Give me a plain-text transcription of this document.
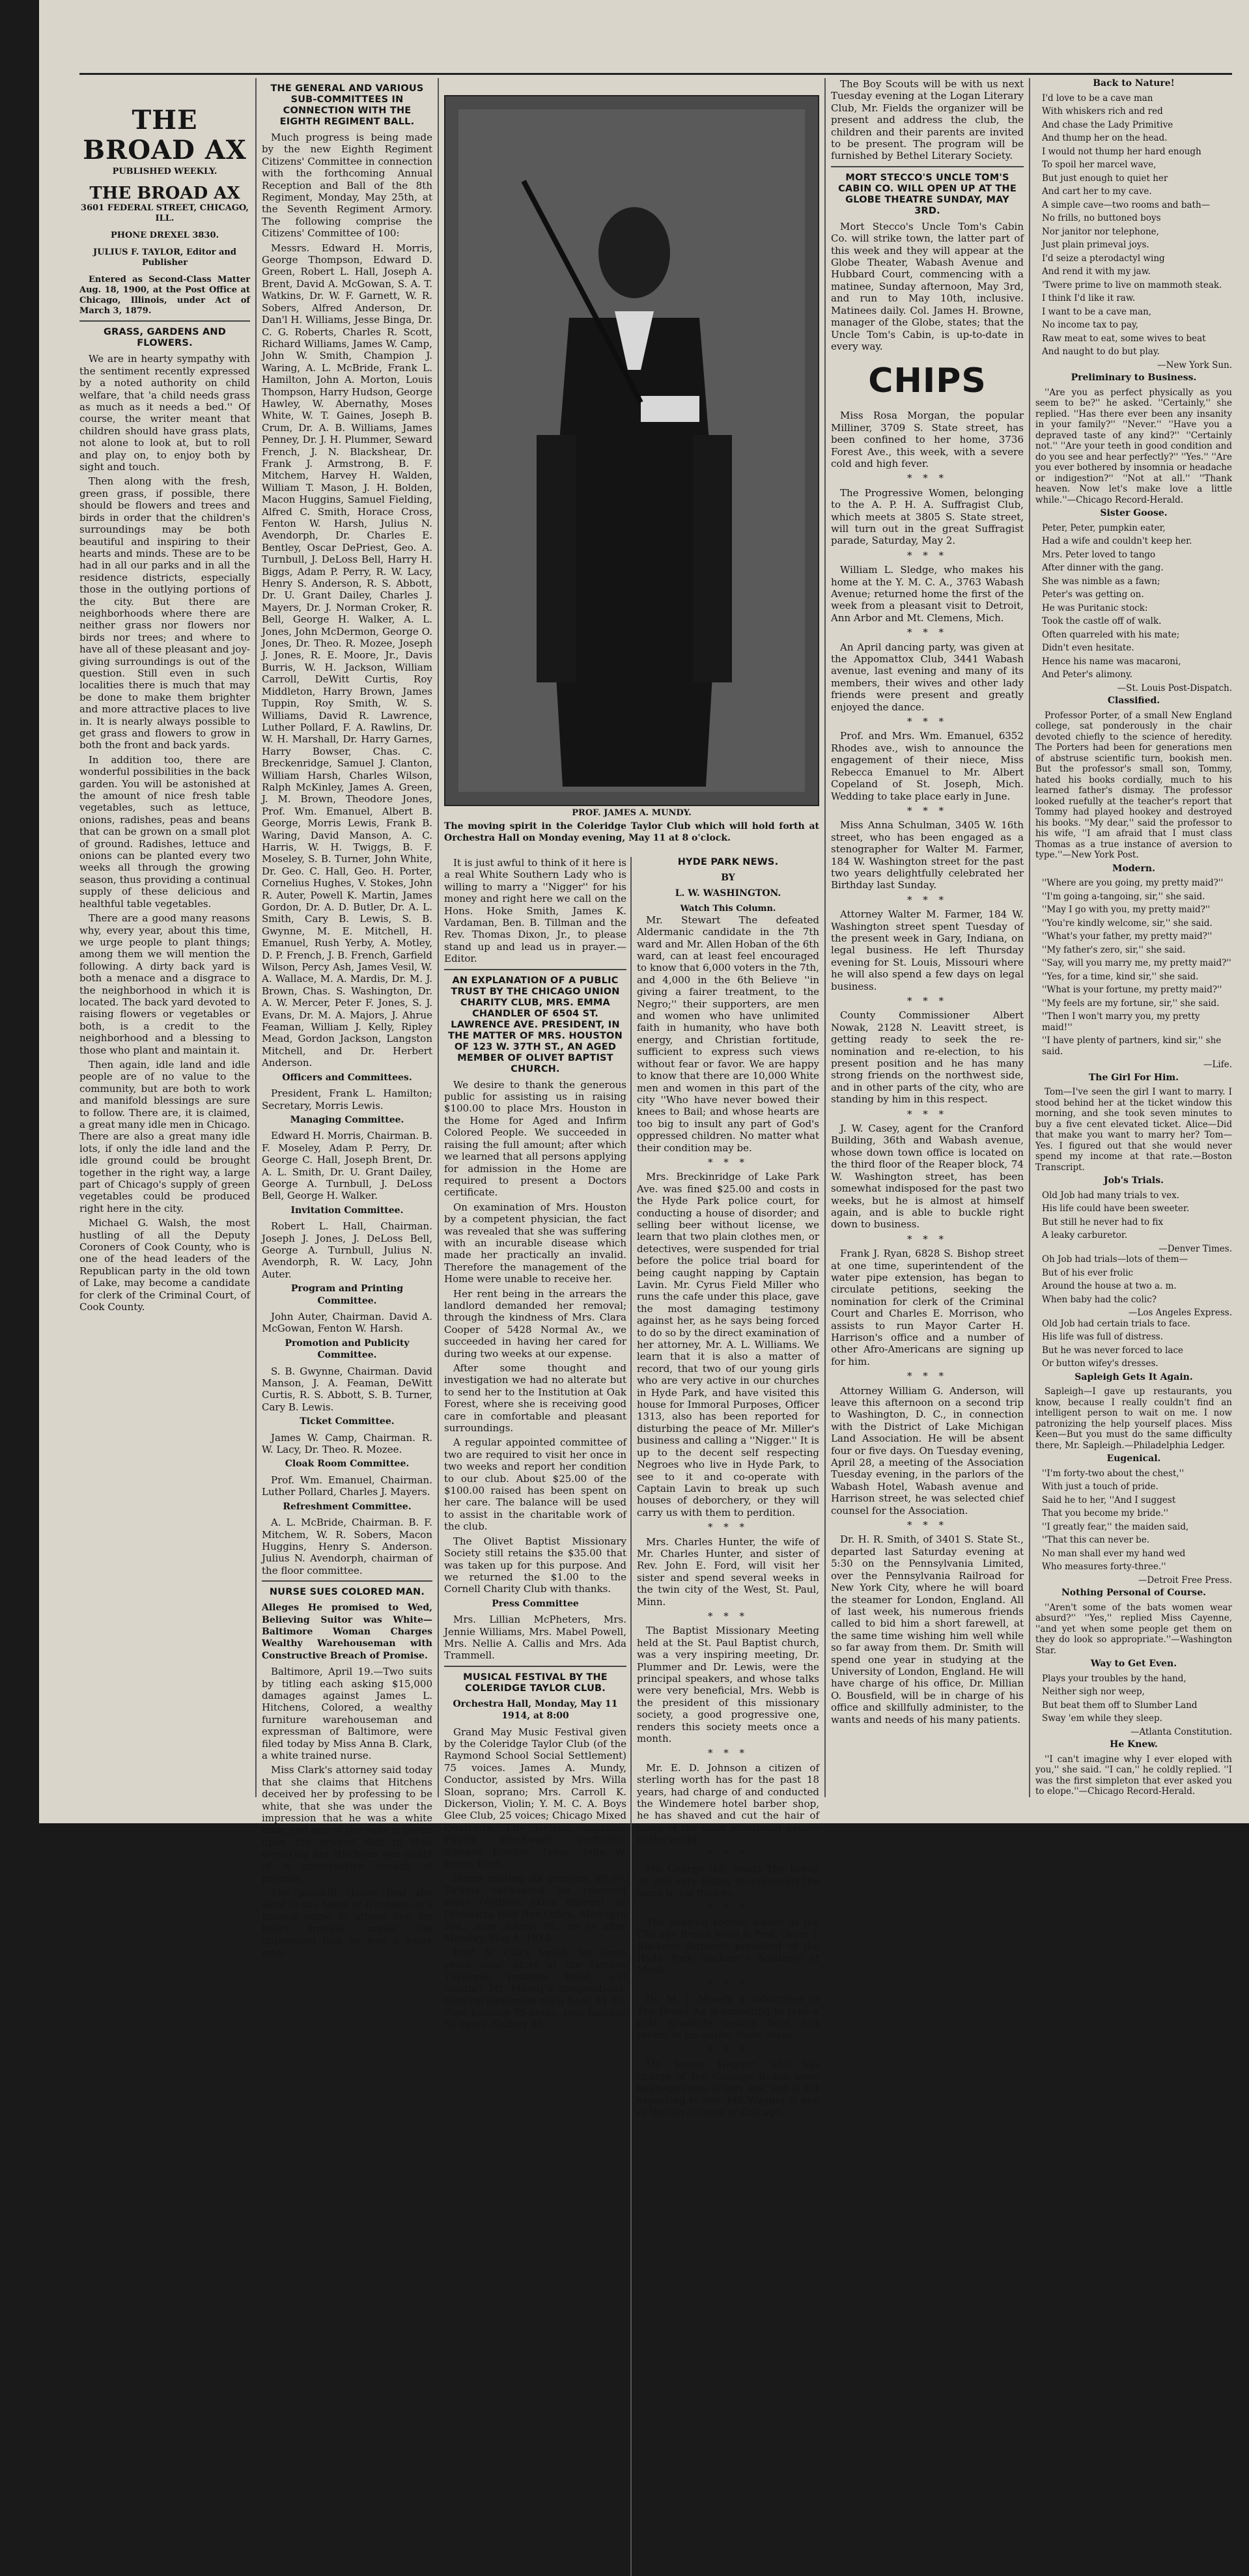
THE BROAD AX
PUBLISHED WEEKLY.
THE BROAD AX
3601 FEDERAL STREET, CHICAGO, ILL.
PHONE DREXEL 3830.
JULIUS F. TAYLOR, Editor and Publisher

Entered as Second-Class Matter Aug. 18, 1900, at the Post Office at Chicago, Illinois, under Act of March 3, 1879.

GRASS, GARDENS AND FLOWERS.

We are in hearty sympathy with the sentiment recently expressed by a noted authority on child welfare, that 'a child needs grass as much as it needs a bed.'' Of course, the writer meant that children should have grass plats, not alone to look at, but to roll and play on, to enjoy both by sight and touch.

Then along with the fresh, green grass, if possible, there should be flowers and trees and birds in order that the children's surroundings may be both beautiful and inspiring to their hearts and minds. These are to be had in all our parks and in all the residence districts, especially those in the outlying portions of the city. But there are neighborhoods where there are neither grass nor flowers nor birds nor trees; and where to have all of these pleasant and joy-giving surroundings is out of the question. Still even in such localities there is much that may be done to make them brighter and more attractive places to live in. It is nearly always possible to get grass and flowers to grow in both the front and back yards.

In addition too, there are wonderful possibilities in the back garden. You will be astonished at the amount of nice fresh table vegetables, such as lettuce, onions, radishes, peas and beans that can be grown on a small plot of ground. Radishes, lettuce and onions can be planted every two weeks all through the growing season, thus providing a continual supply of these delicious and healthful table vegetables.

There are a good many reasons why, every year, about this time, we urge people to plant things; among them we will mention the following. A dirty back yard is both a menace and a disgrace to the neighborhood in which it is located. The back yard devoted to raising flowers or vegetables or both, is a credit to the neighborhood and a blessing to those who plant and maintain it.

Then again, idle land and idle people are of no value to the community, but are both to work and manifold blessings are sure to follow. There are, it is claimed, a great many idle men in Chicago. There are also a great many idle lots, if only the idle land and the idle ground could be brought together in the right way, a large part of Chicago's supply of green vegetables could be produced right here in the city.

Michael G. Walsh, the most hustling of all the Deputy Coroners of Cook County, who is one of the head leaders of the Republican party in the old town of Lake, may become a candidate for clerk of the Criminal Court, of Cook County.

THE GENERAL AND VARIOUS SUB-COMMITTEES IN CONNECTION WITH THE EIGHTH REGIMENT BALL.

Much progress is being made by the new Eighth Regiment Citizens' Committee in connection with the forthcoming Annual Reception and Ball of the 8th Regiment, Monday, May 25th, at the Seventh Regiment Armory. The following comprise the Citizens' Committee of 100:

Messrs. Edward H. Morris, George Thompson, Edward D. Green, Robert L. Hall, Joseph A. Brent, David A. McGowan, S. A. T. Watkins, Dr. W. F. Garnett, W. R. Sobers, Alfred Anderson, Dr. Dan'l H. Williams, Jesse Binga, Dr. C. G. Roberts, Charles R. Scott, Richard Williams, James W. Camp, John W. Smith, Champion J. Waring, A. L. McBride, Frank L. Hamilton, John A. Morton, Louis Thompson, Harry Hudson, George Hawley, W. Abernathy, Moses White, W. T. Gaines, Joseph B. Crum, Dr. A. B. Williams, James Penney, Dr. J. H. Plummer, Seward French, J. N. Blackshear, Dr. Frank J. Armstrong, B. F. Mitchem, Harvey H. Walden, William T. Mason, J. H. Bolden, Macon Huggins, Samuel Fielding, Alfred C. Smith, Horace Cross, Fenton W. Harsh, Julius N. Avendorph, Dr. Charles E. Bentley, Oscar DePriest, Geo. A. Turnbull, J. DeLoss Bell, Harry H. Biggs, Adam P. Perry, R. W. Lacy, Henry S. Anderson, R. S. Abbott, Dr. U. Grant Dailey, Charles J. Mayers, Dr. J. Norman Croker, R. Bell, George H. Walker, A. L. Jones, John McDermon, George O. Jones, Dr. Theo. R. Mozee, Joseph J. Jones, R. E. Moore, Jr., Davis Burris, W. H. Jackson, William Carroll, DeWitt Curtis, Roy Middleton, Harry Brown, James Tuppin, Roy Smith, W. S. Williams, David R. Lawrence, Luther Pollard, F. A. Rawlins, Dr. W. H. Marshall, Dr. Harry Garnes, Harry Bowser, Chas. C. Breckenridge, Samuel J. Clanton, William Harsh, Charles Wilson, Ralph McKinley, James A. Green, J. M. Brown, Theodore Jones, Prof. Wm. Emanuel, Albert B. George, Morris Lewis, Frank B. Waring, David Manson, A. C. Harris, W. H. Twiggs, B. F. Moseley, S. B. Turner, John White, Dr. Geo. C. Hall, Geo. H. Porter, Cornelius Hughes, V. Stokes, John R. Auter, Powell K. Martin, James Gordon, Dr. A. D. Butler, Dr. A. L. Smith, Cary B. Lewis, S. B. Gwynne, M. E. Mitchell, H. Emanuel, Rush Yerby, A. Motley, D. P. French, J. B. French, Garfield Wilson, Percy Ash, James Vesil, W. A. Wallace, M. A. Mardis, Dr. M. J. Brown, Chas. S. Washington, Dr. A. W. Mercer, Peter F. Jones, S. J. Evans, Dr. M. A. Majors, J. Ahrue Feaman, William J. Kelly, Ripley Mead, Gordon Jackson, Langston Mitchell, and Dr. Herbert Anderson.

Officers and Committees.

President, Frank L. Hamilton; Secretary, Morris Lewis.

Managing Committee.

Edward H. Morris, Chairman. B. F. Moseley, Adam P. Perry, Dr. George C. Hall, Joseph Brent, Dr. A. L. Smith, Dr. U. Grant Dailey, George A. Turnbull, J. DeLoss Bell, George H. Walker.

Invitation Committee.

Robert L. Hall, Chairman. Joseph J. Jones, J. DeLoss Bell, George A. Turnbull, Julius N. Avendorph, R. W. Lacy, John Auter.

Program and Printing Committee.

John Auter, Chairman. David A. McGowan, Fenton W. Harsh.

Promotion and Publicity Committee.

S. B. Gwynne, Chairman. David Manson, J. A. Feaman, DeWitt Curtis, R. S. Abbott, S. B. Turner, Cary B. Lewis.

Ticket Committee.

James W. Camp, Chairman. R. W. Lacy, Dr. Theo. R. Mozee.

Cloak Room Committee.

Prof. Wm. Emanuel, Chairman. Luther Pollard, Charles J. Mayers.

Refreshment Committee.

A. L. McBride, Chairman. B. F. Mitchem, W. R. Sobers, Macon Huggins, Henry S. Anderson. Julius N. Avendorph, chairman of the floor committee.

NURSE SUES COLORED MAN.
Alleges He promised to Wed, Believing Suitor was White—Baltimore Woman Charges Wealthy Warehouseman with Constructive Breach of Promise.

Baltimore, April 19.—Two suits by titling each asking $15,000 damages against James L. Hitchens, Colored, a wealthy furniture warehouseman and expressman of Baltimore, were filed today by Miss Anna B. Clark, a white trained nurse.

Miss Clark's attorney said today that she claims that Hitchens deceived her by professing to be white, that she was under the impression that he was a white man, and one of the suits is based upon the ground that in thus deceiving her Hitchens was guilty of a constructive breach of promise.

The plaintiff claims that she went to the home of Hitchens as a trained nurse to attend him for heart trouble, under the impression that he was a white man.

PROF. JAMES A. MUNDY.
The moving spirit in the Coleridge Taylor Club which will hold forth at Orchestra Hall on Monday evening, May 11 at 8 o'clock.

It is just awful to think of it here is a real White Southern Lady who is willing to marry a ''Nigger'' for his money and right here we call on the Hons. Hoke Smith, James K. Vardaman, Ben. B. Tillman and the Rev. Thomas Dixon, Jr., to please stand up and lead us in prayer.—Editor.

AN EXPLANATION OF A PUBLIC TRUST BY THE CHICAGO UNION CHARITY CLUB, MRS. EMMA CHANDLER OF 6504 ST. LAWRENCE AVE. PRESIDENT, IN THE MATTER OF MRS. HOUSTON OF 123 W. 37TH ST., AN AGED MEMBER OF OLIVET BAPTIST CHURCH.

We desire to thank the generous public for assisting us in raising $100.00 to place Mrs. Houston in the Home for Aged and Infirm Colored People. We succeeded in raising the full amount; after which we learned that all persons applying for admission in the Home are required to present a Doctors certificate.

On examination of Mrs. Houston by a competent physician, the fact was revealed that she was suffering with an incurable disease which made her practically an invalid. Therefore the management of the Home were unable to receive her.

Her rent being in the arrears the landlord demanded her removal; through the kindness of Mrs. Clara Cooper of 5428 Normal Av., we succeeded in having her cared for during two weeks at our expense.

After some thought and investigation we had no alterate but to send her to the Institution at Oak Forest, where she is receiving good care in comfortable and pleasant surroundings.

A regular appointed committee of two are required to visit her once in two weeks and report her condition to our club. About $25.00 of the $100.00 raised has been spent on her care. The balance will be used to assist in the charitable work of the club.

The Olivet Baptist Missionary Society still retains the $35.00 that was taken up for this purpose. And we returned the $1.00 to the Cornell Charity Club with thanks.

Press Committee

Mrs. Lillian McPheters, Mrs. Jennie Williams, Mrs. Mabel Powell, Mrs. Nellie A. Callis and Mrs. Ada Trammell.

MUSICAL FESTIVAL BY THE COLERIDGE TAYLOR CLUB.
Orchestra Hall, Monday, May 11 1914, at 8:00

Grand May Music Festival given by the Coleridge Taylor Club (of the Raymond School Social Settlement) 75 voices. James A. Mundy, Conductor, assisted by Mrs. Willa Sloan, soprano; Mrs. Carroll K. Dickerson, Violin; Y. M. C. A. Boys Glee Club, 25 voices; Chicago Mixed Quartette; Lily Nelson, soprano; Phyllis Woodward, contralto; Edward Borden, Tenor; John W. Jones, Bass.

Boxes seating six persons, $9.00. Tickets exchanged for reserved seats (without extra charge), at Orchestra Hall Box Office, Michigan Ave., near Adams St., on or after Monday, May 4, 1914.

Prof. N. Clark Smith, for some years head chief of the famous Tuskegee Institute band, will conduct Mr. Mundy's compositions. General admission main floor, $1.00. First balcony 75 cents, rear balcony 50 cents. Gallery 25.

HYDE PARK NEWS.
BY
L. W. WASHINGTON.
Watch This Column.

Mr. Stewart The defeated Aldermanic candidate in the 7th ward and Mr. Allen Hoban of the 6th ward, can at least feel encouraged to know that 6,000 voters in the 7th, and 4,000 in the 6th Believe ''in giving a fairer treatment, to the Negro;'' their supporters, are men and women who have unlimited faith in humanity, who have both energy, and Christian fortitude, sufficient to express such views without fear or favor. We are happy to know that there are 10,000 White men and women in this part of the city ''Who have never bowed their knees to Bail; and whose hearts are too big to insult any part of God's oppressed children. No matter what their condition may be.

* * *

Mrs. Breckinridge of Lake Park Ave. was fined $25.00 and costs in the Hyde Park police court, for conducting a house of disorder; and selling beer without license, we learn that two plain clothes men, or detectives, were suspended for trial before the police trial board for being caught napping by Captain Lavin. Mr. Cyrus Field Miller who runs the cafe under this place, gave the most damaging testimony against her, as he says being forced to do so by the direct examination of her attorney, Mr. A. L. Williams. We learn that it is also a matter of record, that two of our young girls who are very active in our churches in Hyde Park, and have visited this house for Immoral Purposes, Officer 1313, also has been reported for disturbing the peace of Mr. Miller's business and calling a ''Nigger.'' It is up to the decent self respecting Negroes who live in Hyde Park, to see to it and co-operate with Captain Lavin to break up such houses of deborchery, or they will carry us with them to perdition.

* * *

Mrs. Charles Hunter, the wife of Mr. Charles Hunter, and sister of Rev. John E. Ford, will visit her sister and spend several weeks in the twin city of the West, St. Paul, Minn.

* * *

The Baptist Missionary Meeting held at the St. Paul Baptist church, was a very inspiring meeting, Dr. Plummer and Dr. Lewis, were the principal speakers, and whose talks were very beneficial, Mrs. Webb is the president of this missionary society, a good progressive one, renders this society meets once a month.

* * *

Mr. E. D. Johnson a citizen of sterling worth has for the past 18 years, had charge of and conducted the Windemere hotel barber shop, he has shaved and cut the hair of some of the most prominent people in the world.

* * *

Mr. George Hill, reads The Broad Ax and very highly recommends the same to his friends.

* * *

The dashing second waiter at the Chicago Beach hotel is Prof. Oscar J. Buckner, formerly president of the Hyde Park Buckner's Academy of Music.

* * *

Dr. M. J. Mosely a subscriber to The Broad Ax is expecting to take a post graduate course here and return to his native State Texas.

* * *

Mr. James Wagner, who has charge of the Chicago Beach hotel baggage room is very low, and is not expecting to live. Mr. Wagner is one of the old citizens of Chicago.

The Boy Scouts will be with us next Tuesday evening at the Logan Literary Club, Mr. Fields the organizer will be present and address the club, the children and their parents are invited to be present. The program will be furnished by Bethel Literary Society.

MORT STECCO'S UNCLE TOM'S CABIN CO. WILL OPEN UP AT THE GLOBE THEATRE SUNDAY, MAY 3RD.

Mort Stecco's Uncle Tom's Cabin Co. will strike town, the latter part of this week and they will appear at the Globe Theater, Wabash Avenue and Hubbard Court, commencing with a matinee, Sunday afternoon, May 3rd, and run to May 10th, inclusive. Matinees daily. Col. James H. Browne, manager of the Globe, states; that the Uncle Tom's Cabin, is up-to-date in every way.

CHIPS

Miss Rosa Morgan, the popular Milliner, 3709 S. State street, has been confined to her home, 3736 Forest Ave., this week, with a severe cold and high fever.

* * *

The Progressive Women, belonging to the A. P. H. A. Suffragist Club, which meets at 3805 S. State street, will turn out in the great Suffragist parade, Saturday, May 2.

* * *

William L. Sledge, who makes his home at the Y. M. C. A., 3763 Wabash Avenue; returned home the first of the week from a pleasant visit to Detroit, Ann Arbor and Mt. Clemens, Mich.

* * *

An April dancing party, was given at the Appomattox Club, 3441 Wabash avenue, last evening and many of its members, their wives and other lady friends were present and greatly enjoyed the dance.

* * *

Prof. and Mrs. Wm. Emanuel, 6352 Rhodes ave., wish to announce the engagement of their niece, Miss Rebecca Emanuel to Mr. Albert Copeland of St. Joseph, Mich. Wedding to take place early in June.

* * *

Miss Anna Schulman, 3405 W. 16th street, who has been engaged as a stenographer for Walter M. Farmer, 184 W. Washington street for the past two years delightfully celebrated her Birthday last Sunday.

* * *

Attorney Walter M. Farmer, 184 W. Washington street spent Tuesday of the present week in Gary, Indiana, on legal business. He left Thursday evening for St. Louis, Missouri where he will also spend a few days on legal business.

* * *

County Commissioner Albert Nowak, 2128 N. Leavitt street, is getting ready to seek the re-nomination and re-election, to his present position and he has many strong friends on the northwest side, and in other parts of the city, who are standing by him in this respect.

* * *

J. W. Casey, agent for the Cranford Building, 36th and Wabash avenue, whose down town office is located on the third floor of the Reaper block, 74 W. Washington street, has been somewhat indisposed for the past two weeks, but he is almost at himself again, and is able to buckle right down to business.

* * *

Frank J. Ryan, 6828 S. Bishop street at one time, superintendent of the water pipe extension, has began to circulate petitions, seeking the nomination for clerk of the Criminal Court and Charles E. Morrison, who assists to run Mayor Carter H. Harrison's office and a number of other Afro-Americans are signing up for him.

* * *

Attorney William G. Anderson, will leave this afternoon on a second trip to Washington, D. C., in connection with the District of Lake Michigan Land Association. He will be absent four or five days. On Tuesday evening, April 28, a meeting of the Association Tuesday evening, in the parlors of the Wabash Hotel, Wabash avenue and Harrison street, he was selected chief counsel for the Association.

* * *

Dr. H. R. Smith, of 3401 S. State St., departed last Saturday evening at 5:30 on the Pennsylvania Limited, over the Pennsylvania Railroad for New York City, where he will board the steamer for London, England. All of last week, his numerous friends called to bid him a short farewell, at the same time wishing him well while so far away from them. Dr. Smith will spend one year in studying at the University of London, England. He will have charge of his office, Dr. Millian O. Bousfield, will be in charge of his office and skillfully administer, to the wants and needs of his many patients.

Back to Nature!
I'd love to be a cave man
With whiskers rich and red
And chase the Lady Primitive
And thump her on the head.
I would not thump her hard enough
To spoil her marcel wave,
But just enough to quiet her
And cart her to my cave.
A simple cave—two rooms and bath—
No frills, no buttoned boys
Nor janitor nor telephone,
Just plain primeval joys.
I'd seize a pterodactyl wing
And rend it with my jaw.
'Twere prime to live on mammoth steak.
I think I'd like it raw.
I want to be a cave man,
No income tax to pay,
Raw meat to eat, some wives to beat
And naught to do but play.
—New York Sun.
Preliminary to Business.

''Are you as perfect physically as you seem to be?'' he asked. ''Certainly,'' she replied. ''Has there ever been any insanity in your family?'' ''Never.'' ''Have you a depraved taste of any kind?'' ''Certainly not.'' ''Are your teeth in good condition and do you see and hear perfectly?'' ''Yes.'' ''Are you ever bothered by insomnia or headache or indigestion?'' ''Not at all.'' ''Thank heaven. Now let's make love a little while.''—Chicago Record-Herald.

Sister Goose.
Peter, Peter, pumpkin eater,
Had a wife and couldn't keep her.
Mrs. Peter loved to tango
After dinner with the gang.
She was nimble as a fawn;
Peter's was getting on.
He was Puritanic stock:
Took the castle off of walk.
Often quarreled with his mate;
Didn't even hesitate.
Hence his name was macaroni,
And Peter's alimony.
—St. Louis Post-Dispatch.
Classified.

Professor Porter, of a small New England college, sat ponderously in the chair devoted chiefly to the science of heredity. The Porters had been for generations men of abstruse scientific turn, bookish men. But the professor's small son, Tommy, hated his books cordially, much to his learned father's dismay. The professor looked ruefully at the teacher's report that Tommy had played hookey and destroyed his books. ''My dear,'' said the professor to his wife, ''I am afraid that I must class Thomas as a true instance of aversion to type.''—New York Post.

Modern.
''Where are you going, my pretty maid?''
''I'm going a-tangoing, sir,'' she said.
''May I go with you, my pretty maid?''
''You're kindly welcome, sir,'' she said.
''What's your father, my pretty maid?''
''My father's zero, sir,'' she said.
''Say, will you marry me, my pretty maid?''
''Yes, for a time, kind sir,'' she said.
''What is your fortune, my pretty maid?''
''My feels are my fortune, sir,'' she said.
''Then I won't marry you, my pretty maid!''
''I have plenty of partners, kind sir,'' she said.
—Life.
The Girl For Him.

Tom—I've seen the girl I want to marry. I stood behind her at the ticket window this morning, and she took seven minutes to buy a five cent elevated ticket. Alice—Did that make you want to marry her? Tom—Yes. I figured out that she would never spend my income at that rate.—Boston Transcript.

Job's Trials.
Old Job had many trials to vex.
His life could have been sweeter.
But still he never had to fix
A leaky carburetor.
—Denver Times.
Oh Job had trials—lots of them—
But of his ever frolic
Around the house at two a. m.
When baby had the colic?
—Los Angeles Express.
Old Job had certain trials to face.
His life was full of distress.
But he was never forced to lace
Or button wifey's dresses.
Sapleigh Gets It Again.

Sapleigh—I gave up restaurants, you know, because I really couldn't find an intelligent person to wait on me. I now patronizing the help yourself places. Miss Keen—But you must do the same difficulty there, Mr. Sapleigh.—Philadelphia Ledger.

Eugenical.
''I'm forty-two about the chest,''
With just a touch of pride.
Said he to her, ''And I suggest
That you become my bride.''
''I greatly fear,'' the maiden said,
''That this can never be.
No man shall ever my hand wed
Who measures forty-three.''
—Detroit Free Press.
Nothing Personal of Course.

''Aren't some of the bats women wear absurd?'' ''Yes,'' replied Miss Cayenne, ''and yet when some people get them on they do look so appropriate.''—Washington Star.

Way to Get Even.
Plays your troubles by the hand,
Neither sigh nor weep,
But beat them off to Slumber Land
Sway 'em while they sleep.
—Atlanta Constitution.
He Knew.

''I can't imagine why I ever eloped with you,'' she said. ''I can,'' he coldly replied. ''I was the first simpleton that ever asked you to elope.''—Chicago Record-Herald.
